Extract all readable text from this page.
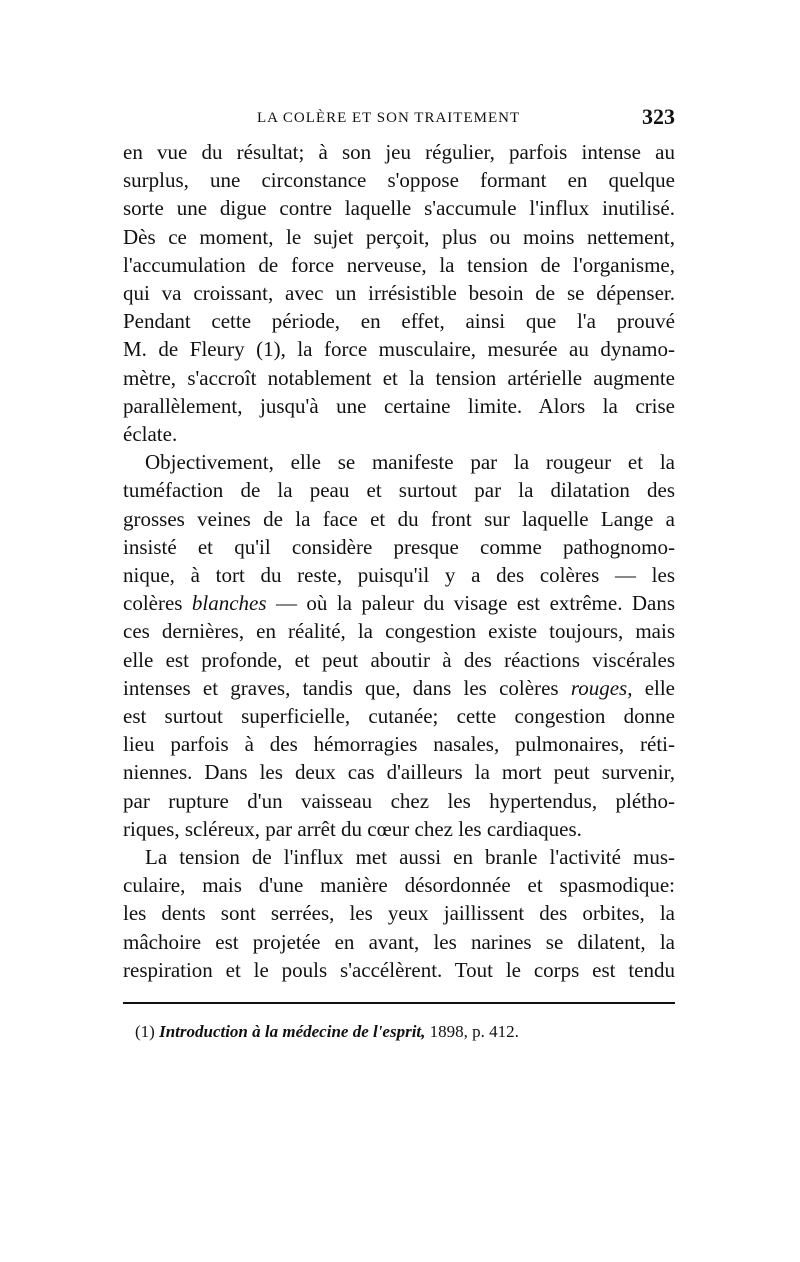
LA COLÈRE ET SON TRAITEMENT	323
en vue du résultat; à son jeu régulier, parfois intense au
surplus, une circonstance s'oppose formant en quelque
sorte une digue contre laquelle s'accumule l'influx inutilisé.
Dès ce moment, le sujet perçoit, plus ou moins nettement,
l'accumulation de force nerveuse, la tension de l'organisme,
qui va croissant, avec un irrésistible besoin de se dépenser.
Pendant cette période, en effet, ainsi que l'a prouvé
M. de Fleury (1), la force musculaire, mesurée au dynamo-
mètre, s'accroît notablement et la tension artérielle augmente
parallèlement, jusqu'à une certaine limite. Alors la crise
éclate.
Objectivement, elle se manifeste par la rougeur et la
tuméfaction de la peau et surtout par la dilatation des
grosses veines de la face et du front sur laquelle Lange a
insisté et qu'il considère presque comme pathognomo-
nique, à tort du reste, puisqu'il y a des colères — les
colères blanches — où la paleur du visage est extrême. Dans
ces dernières, en réalité, la congestion existe toujours, mais
elle est profonde, et peut aboutir à des réactions viscérales
intenses et graves, tandis que, dans les colères rouges, elle
est surtout superficielle, cutanée; cette congestion donne
lieu parfois à des hémorragies nasales, pulmonaires, réti-
niennes. Dans les deux cas d'ailleurs la mort peut survenir,
par rupture d'un vaisseau chez les hypertendus, plétho-
riques, scléreux, par arrêt du cœur chez les cardiaques.
La tension de l'influx met aussi en branle l'activité mus-
culaire, mais d'une manière désordonnée et spasmodique:
les dents sont serrées, les yeux jaillissent des orbites, la
mâchoire est projetée en avant, les narines se dilatent, la
respiration et le pouls s'accélèrent. Tout le corps est tendu
(1) Introduction à la médecine de l'esprit, 1898, p. 412.
